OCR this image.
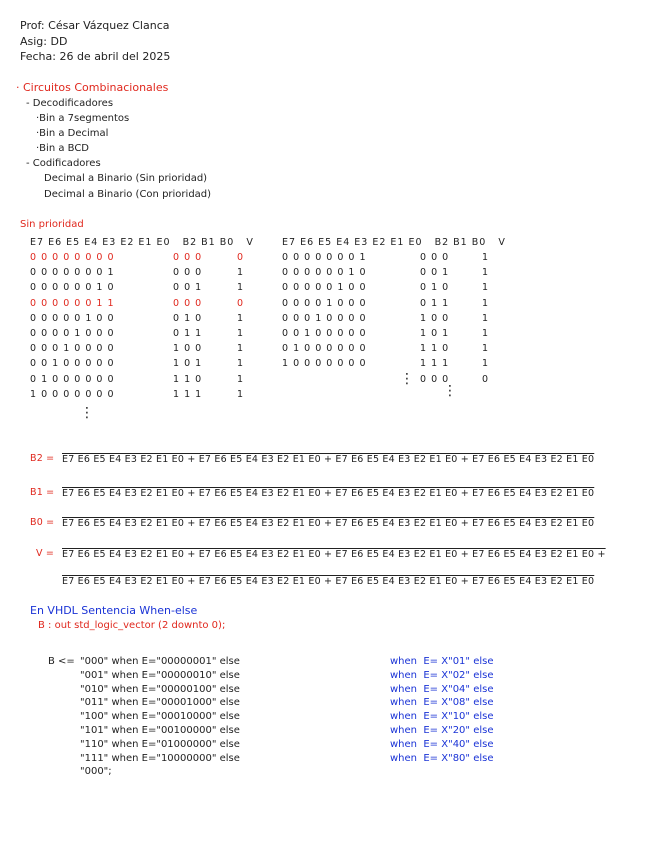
Prof: César Vázquez Clanca
Asig: DD
Fecha: 26 de abril del 2025
· Circuitos Combinacionales
- Decodificadores
·Bin a 7segmentos
·Bin a Decimal
·Bin a BCD
- Codificadores
Decimal a Binario (Sin prioridad)
Decimal a Binario (Con prioridad)
Sin prioridad
E7 E6 E5 E4 E3 E2 E1 E0   B2 B1 B0   V
0 0 0 0 0 0 0 0	0 0 0	0
0 0 0 0 0 0 0 1	0 0 0	1
0 0 0 0 0 0 1 0	0 0 1	1
0 0 0 0 0 0 1 1	0 0 0	0
0 0 0 0 0 1 0 0	0 1 0	1
0 0 0 0 1 0 0 0	0 1 1	1
0 0 0 1 0 0 0 0	1 0 0	1
0 0 1 0 0 0 0 0	1 0 1	1
0 1 0 0 0 0 0 0	1 1 0	1
1 0 0 0 0 0 0 0	1 1 1	1
⋮
E7 E6 E5 E4 E3 E2 E1 E0   B2 B1 B0   V
0 0 0 0 0 0 0 1	0 0 0	1
0 0 0 0 0 0 1 0	0 0 1	1
0 0 0 0 0 1 0 0	0 1 0	1
0 0 0 0 1 0 0 0	0 1 1	1
0 0 0 1 0 0 0 0	1 0 0	1
0 0 1 0 0 0 0 0	1 0 1	1
0 1 0 0 0 0 0 0	1 1 0	1
1 0 0 0 0 0 0 0	1 1 1	1
⋮ 0 0 0	0
⋮
B2 = E7 E6 E5 E4 E3 E2 E1 E0 + E7 E6 E5 E4 E3 E2 E1 E0 + E7 E6 E5 E4 E3 E2 E1 E0 + E7 E6 E5 E4 E3 E2 E1 E0
B1 = E7 E6 E5 E4 E3 E2 E1 E0 + E7 E6 E5 E4 E3 E2 E1 E0 + E7 E6 E5 E4 E3 E2 E1 E0 + E7 E6 E5 E4 E3 E2 E1 E0
B0 = E7 E6 E5 E4 E3 E2 E1 E0 + E7 E6 E5 E4 E3 E2 E1 E0 + E7 E6 E5 E4 E3 E2 E1 E0 + E7 E6 E5 E4 E3 E2 E1 E0
V = E7 E6 E5 E4 E3 E2 E1 E0 + E7 E6 E5 E4 E3 E2 E1 E0 + E7 E6 E5 E4 E3 E2 E1 E0 + E7 E6 E5 E4 E3 E2 E1 E0 +
E7 E6 E5 E4 E3 E2 E1 E0 + E7 E6 E5 E4 E3 E2 E1 E0 + E7 E6 E5 E4 E3 E2 E1 E0 + E7 E6 E5 E4 E3 E2 E1 E0
En VHDL Sentencia When-else
B : out std_logic_vector (2 downto 0);
B <= "000" when E="00000001" else	when  E= X"01" else
"001" when E="00000010" else	when  E= X"02" else
"010" when E="00000100" else	when  E= X"04" else
"011" when E="00001000" else	when  E= X"08" else
"100" when E="00010000" else	when  E= X"10" else
"101" when E="00100000" else	when  E= X"20" else
"110" when E="01000000" else	when  E= X"40" else
"111" when E="10000000" else	when  E= X"80" else
"000";
